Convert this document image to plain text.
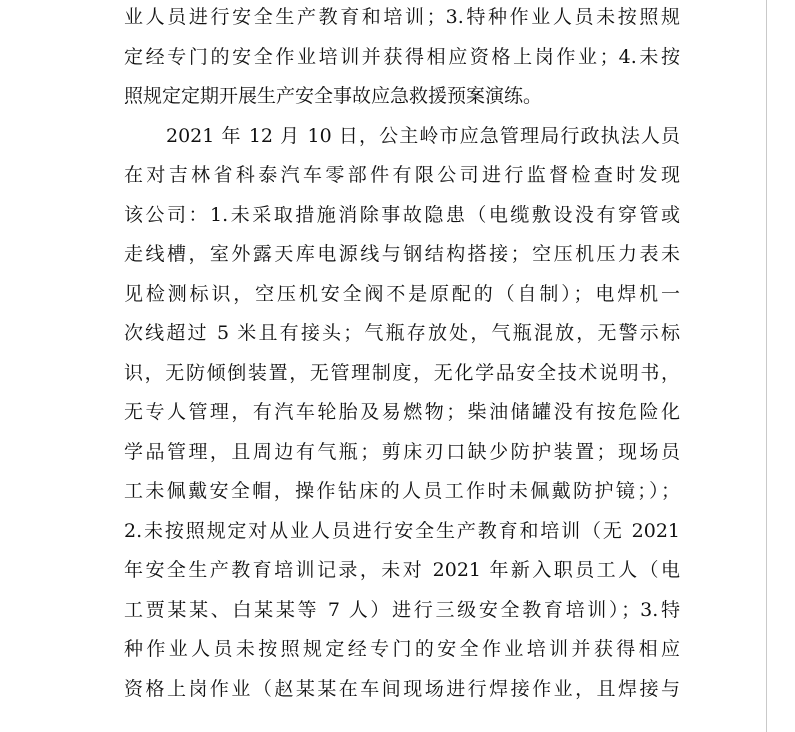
业人员进行安全生产教育和培训；3.特种作业人员未按照规
定经专门的安全作业培训并获得相应资格上岗作业；4.未按
照规定定期开展生产安全事故应急救援预案演练。
2021 年 12 月 10 日，公主岭市应急管理局行政执法人员
在对吉林省科泰汽车零部件有限公司进行监督检查时发现
该公司：1.未采取措施消除事故隐患（电缆敷设没有穿管或
走线槽，室外露天库电源线与钢结构搭接；空压机压力表未
见检测标识，空压机安全阀不是原配的（自制）；电焊机一
次线超过 5 米且有接头；气瓶存放处，气瓶混放，无警示标
识，无防倾倒装置，无管理制度，无化学品安全技术说明书，
无专人管理，有汽车轮胎及易燃物；柴油储罐没有按危险化
学品管理，且周边有气瓶；剪床刃口缺少防护装置；现场员
工未佩戴安全帽，操作钻床的人员工作时未佩戴防护镜；）；
2.未按照规定对从业人员进行安全生产教育和培训（无 2021
年安全生产教育培训记录，未对 2021 年新入职员工人（电
工贾某某、白某某等 7 人）进行三级安全教育培训）；3.特
种作业人员未按照规定经专门的安全作业培训并获得相应
资格上岗作业（赵某某在车间现场进行焊接作业，且焊接与
